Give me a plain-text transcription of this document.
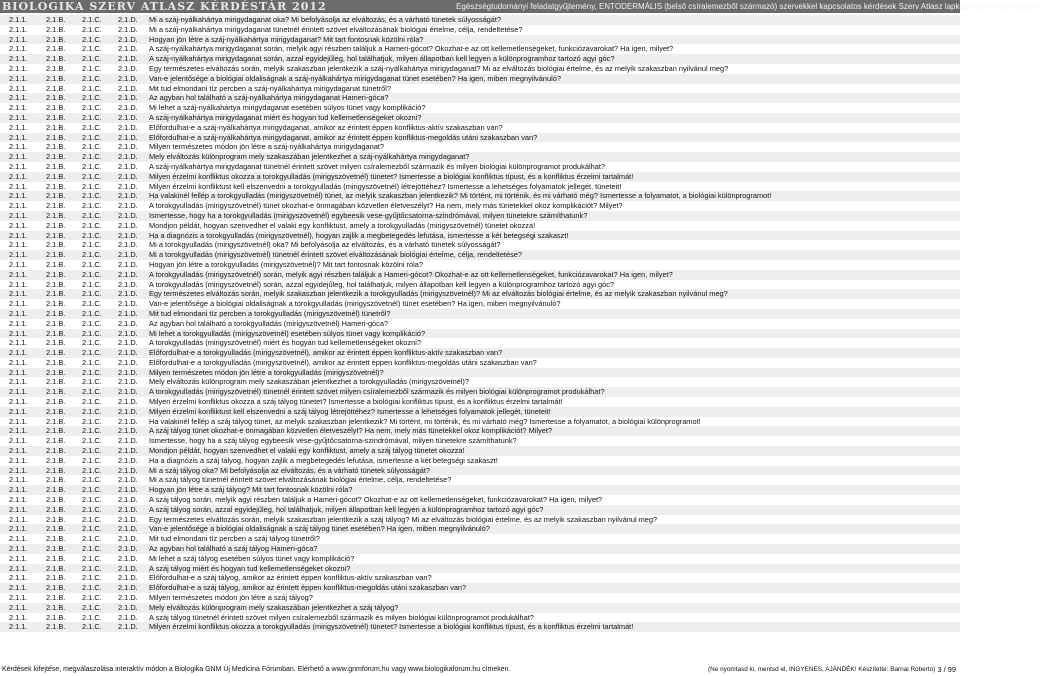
BIOLOGIKA SZERV ATLASZ KÉRDÉSTÁR 2012	Egészségtudományi feladatgyűjtemény, ENTODERMÁLIS (belső csíralemezből származó) szervekkel kapcsolatos kérdések Szerv Atlasz lapkód szerinti sorrendben.
2.1.1.	2.1.B. 2.1.C. 2.1.D. Mi a száj-nyálkahártya mirigydaganat oka? Mi befolyásolja az elváltozás, és a várható tünetek súlyosságát?
2.1.1.	2.1.B. 2.1.C. 2.1.D. Mi a száj-nyálkahártya mirigydaganat tünetnél érintett szövet elváltozásának biológiai értelme, célja, rendeltetése?
2.1.1.	2.1.B. 2.1.C. 2.1.D. Hogyan jön létre a száj-nyálkahártya mirigydaganat? Mit tart fontosnak közölni róla?
2.1.1.	2.1.B. 2.1.C. 2.1.D. A száj-nyálkahártya mirigydaganat során, melyik agyi részben találjuk a Hameri-gócot? Okozhat-e az ott kellemetlenségeket, funkciózavarokat? Ha igen, milyet?
2.1.1.	2.1.B. 2.1.C. 2.1.D. A száj-nyálkahártya mirigydaganat során, azzal egyidejűleg, hol találhatjuk, milyen állapotban kell legyen a különprogramhoz tartozó agyi góc?
2.1.1.	2.1.B. 2.1.C. 2.1.D. Egy természetes elváltozás során, melyik szakaszban jelentkezik a száj-nyálkahártya mirigydaganat? Mi az elváltozás biológiai értelme, és az melyik szakaszban nyilvánul meg?
2.1.1.	2.1.B. 2.1.C. 2.1.D. Van-e jelentősége a biológiai oldaliságnak a száj-nyálkahártya mirigydaganat tünet esetében? Ha igen, miben megnyilvánuló?
2.1.1.	2.1.B. 2.1.C. 2.1.D. Mit tud elmondani tíz percben a száj-nyálkahártya mirigydaganat tünetről?
2.1.1.	2.1.B. 2.1.C. 2.1.D. Az agyban hol található a száj-nyálkahártya mirigydaganat Hameri-góca?
2.1.1.	2.1.B. 2.1.C. 2.1.D. Mi lehet a száj-nyálkahártya mirigydaganat esetében súlyos tünet vagy komplikáció?
2.1.1.	2.1.B. 2.1.C. 2.1.D. A száj-nyálkahártya mirigydaganat miért és hogyan tud kellemetlenségeket okozni?
2.1.1.	2.1.B. 2.1.C. 2.1.D. Előfordulhat-e a száj-nyálkahártya mirigydaganat, amikor az érintett éppen konfliktus-aktív szakaszban van?
2.1.1.	2.1.B. 2.1.C. 2.1.D. Előfordulhat-e a száj-nyálkahártya mirigydaganat, amikor az érintett éppen konfliktus-megoldás utáni szakaszban van?
2.1.1.	2.1.B. 2.1.C. 2.1.D. Milyen természetes módon jön létre a száj-nyálkahártya mirigydaganat?
2.1.1.	2.1.B. 2.1.C. 2.1.D. Mely elváltozás különprogram mely szakaszában jelentkezhet a száj-nyálkahártya mirigydaganat?
2.1.1.	2.1.B. 2.1.C. 2.1.D. A száj-nyálkahártya mirigydaganat tünetnél érintett szövet milyen csíralemezből származik és milyen biológiai különprogramot produkálhat?
2.1.1.	2.1.B. 2.1.C. 2.1.D. Milyen érzelmi konfliktus okozza a torokgyulladás (mirigyszövetnél) tünetet? Ismertesse a biológiai konfliktus típust, és a konfliktus érzelmi tartalmát!
2.1.1.	2.1.B. 2.1.C. 2.1.D. Milyen érzelmi konfliktust kell elszenvedni a torokgyulladás (mirigyszövetnél) létrejöttéhez? Ismertesse a lehetséges folyamatok jellegét, tüneteit!
2.1.1.	2.1.B. 2.1.C. 2.1.D. Ha valakinél fellép a torokgyulladás (mirigyszövetnél) tünet, az melyik szakaszban jelentkezik? Mi történt, mi történik, és mi várható még? Ismertesse a folyamatot, a biológiai különprogramot!
2.1.1.	2.1.B. 2.1.C. 2.1.D. A torokgyulladás (mirigyszövetnél) tünet okozhat-e önmagában közvetlen életveszélyt? Ha nem, mely más tünetekkel okoz komplikációt? Milyet?
2.1.1.	2.1.B. 2.1.C. 2.1.D. Ismertesse, hogy ha a torokgyulladás (mirigyszövetnél) egybeesik vese-gyűjtőcsatorna-szindrómával, milyen tünetekre számíthatunk?
2.1.1.	2.1.B. 2.1.C. 2.1.D. Mondjon példát, hogyan szenvedhet el valaki egy konfliktust, amely a torokgyulladás (mirigyszövetnél) tünetet okozza!
2.1.1.	2.1.B. 2.1.C. 2.1.D. Ha a diagnózis a torokgyulladás (mirigyszövetnél), hogyan zajlik a megbetegedés lefutása, ismertesse a két betegségi szakaszt!
2.1.1.	2.1.B. 2.1.C. 2.1.D. Mi a torokgyulladás (mirigyszövetnél) oka? Mi befolyásolja az elváltozás, és a várható tünetek súlyosságát?
2.1.1.	2.1.B. 2.1.C. 2.1.D. Mi a torokgyulladás (mirigyszövetnél) tünetnél érintett szövet elváltozásának biológiai értelme, célja, rendeltetése?
2.1.1.	2.1.B. 2.1.C. 2.1.D. Hogyan jön létre a torokgyulladás (mirigyszövetnél)? Mit tart fontosnak közölni róla?
2.1.1.	2.1.B. 2.1.C. 2.1.D. A torokgyulladás (mirigyszövetnél) során, melyik agyi részben találjuk a Hameri-gócot? Okozhat-e az ott kellemetlenségeket, funkciózavarokat? Ha igen, milyet?
2.1.1.	2.1.B. 2.1.C. 2.1.D. A torokgyulladás (mirigyszövetnél) során, azzal egyidejűleg, hol találhatjuk, milyen állapotban kell legyen a különprogramhoz tartozó agyi góc?
2.1.1.	2.1.B. 2.1.C. 2.1.D. Egy természetes elváltozás során, melyik szakaszban jelentkezik a torokgyulladás (mirigyszövetnél)? Mi az elváltozás biológiai értelme, és az melyik szakaszban nyilvánul meg?
2.1.1.	2.1.B. 2.1.C. 2.1.D. Van-e jelentősége a biológiai oldaliságnak a torokgyulladás (mirigyszövetnél) tünet esetében? Ha igen, miben megnyilvánuló?
2.1.1.	2.1.B. 2.1.C. 2.1.D. Mit tud elmondani tíz percben a torokgyulladás (mirigyszövetnél) tünetről?
2.1.1.	2.1.B. 2.1.C. 2.1.D. Az agyban hol található a torokgyulladás (mirigyszövetnél) Hameri-góca?
2.1.1.	2.1.B. 2.1.C. 2.1.D. Mi lehet a torokgyulladás (mirigyszövetnél) esetében súlyos tünet vagy komplikáció?
2.1.1.	2.1.B. 2.1.C. 2.1.D. A torokgyulladás (mirigyszövetnél) miért és hogyan tud kellemetlenségeket okozni?
2.1.1.	2.1.B. 2.1.C. 2.1.D. Előfordulhat-e a torokgyulladás (mirigyszövetnél), amikor az érintett éppen konfliktus-aktív szakaszban van?
2.1.1.	2.1.B. 2.1.C. 2.1.D. Előfordulhat-e a torokgyulladás (mirigyszövetnél), amikor az érintett éppen konfliktus-megoldás utáni szakaszban van?
2.1.1.	2.1.B. 2.1.C. 2.1.D. Milyen természetes módon jön létre a torokgyulladás (mirigyszövetnél)?
2.1.1.	2.1.B. 2.1.C. 2.1.D. Mely elváltozás különprogram mely szakaszában jelentkezhet a torokgyulladás (mirigyszövetnél)?
2.1.1.	2.1.B. 2.1.C. 2.1.D. A torokgyulladás (mirigyszövetnél) tünetnél érintett szövet milyen csíralemezből származik és milyen biológiai különprogramot produkálhat?
2.1.1.	2.1.B. 2.1.C. 2.1.D. Milyen érzelmi konfliktus okozza a száj tályog tünetet? Ismertesse a biológiai konfliktus típust, és a konfliktus érzelmi tartalmát!
2.1.1.	2.1.B. 2.1.C. 2.1.D. Milyen érzelmi konfliktust kell elszenvedni a száj tályog létrejöttéhez? Ismertesse a lehetséges folyamatok jellegét, tüneteit!
2.1.1.	2.1.B. 2.1.C. 2.1.D. Ha valakinél fellép a száj tályog tünet, az melyik szakaszban jelentkezik? Mi történt, mi történik, és mi várható még? Ismertesse a folyamatot, a biológiai különprogramot!
2.1.1.	2.1.B. 2.1.C. 2.1.D. A száj tályog tünet okozhat-e önmagában közvetlen életveszélyt? Ha nem, mely más tünetekkel okoz komplikációt? Milyet?
2.1.1.	2.1.B. 2.1.C. 2.1.D. Ismertesse, hogy ha a száj tályog egybeesik vese-gyűjtőcsatorna-szindrómával, milyen tünetekre számíthatunk?
2.1.1.	2.1.B. 2.1.C. 2.1.D. Mondjon példát, hogyan szenvedhet el valaki egy konfliktust, amely a száj tályog tünetet okozza!
2.1.1.	2.1.B. 2.1.C. 2.1.D. Ha a diagnózis a száj tályog, hogyan zajlik a megbetegedés lefutása, ismertesse a két betegségi szakaszt!
2.1.1.	2.1.B. 2.1.C. 2.1.D. Mi a száj tályog oka? Mi befolyásolja az elváltozás, és a várható tünetek súlyosságát?
2.1.1.	2.1.B. 2.1.C. 2.1.D. Mi a száj tályog tünetnél érintett szövet elváltozásának biológiai értelme, célja, rendeltetése?
2.1.1.	2.1.B. 2.1.C. 2.1.D. Hogyan jön létre a száj tályog? Mit tart fontosnak közölni róla?
2.1.1.	2.1.B. 2.1.C. 2.1.D. A száj tályog során, melyik agyi részben találjuk a Hameri-gócot? Okozhat-e az ott kellemetlenségeket, funkciózavarokat? Ha igen, milyet?
2.1.1.	2.1.B. 2.1.C. 2.1.D. A száj tályog során, azzal egyidejűleg, hol találhatjuk, milyen állapotban kell legyen a különprogramhoz tartozó agyi góc?
2.1.1.	2.1.B. 2.1.C. 2.1.D. Egy természetes elváltozás során, melyik szakaszban jelentkezik a száj tályog? Mi az elváltozás biológiai értelme, és az melyik szakaszban nyilvánul meg?
2.1.1.	2.1.B. 2.1.C. 2.1.D. Van-e jelentősége a biológiai oldaliságnak a száj tályog tünet esetében? Ha igen, miben megnyilvánuló?
2.1.1.	2.1.B. 2.1.C. 2.1.D. Mit tud elmondani tíz percben a száj tályog tünetről?
2.1.1.	2.1.B. 2.1.C. 2.1.D. Az agyban hol található a száj tályog Hameri-góca?
2.1.1.	2.1.B. 2.1.C. 2.1.D. Mi lehet a száj tályog esetében súlyos tünet vagy komplikáció?
2.1.1.	2.1.B. 2.1.C. 2.1.D. A száj tályog miért és hogyan tud kellemetlenségeket okozni?
2.1.1.	2.1.B. 2.1.C. 2.1.D. Előfordulhat-e a száj tályog, amikor az érintett éppen konfliktus-aktív szakaszban van?
2.1.1.	2.1.B. 2.1.C. 2.1.D. Előfordulhat-e a száj tályog, amikor az érintett éppen konfliktus-megoldás utáni szakaszban van?
2.1.1.	2.1.B. 2.1.C. 2.1.D. Milyen természetes módon jön létre a száj tályog?
2.1.1.	2.1.B. 2.1.C. 2.1.D. Mely elváltozás különprogram mely szakaszában jelentkezhet a száj tályog?
2.1.1.	2.1.B. 2.1.C. 2.1.D. A száj tályog tünetnél érintett szövet milyen csíralemezből származik és milyen biológiai különprogramot produkálhat?
2.1.1.	2.1.B. 2.1.C. 2.1.D. Milyen érzelmi konfliktus okozza a torokgyulladás (mirigyszövetnél) tünetet? Ismertesse a biológiai konfliktus típust, és a konfliktus érzelmi tartalmát!
Kérdések kifejtése, megválaszolása interaktív módon a Biologika GNM Új Medicina Fórumban. Elérhető a www.gnmforum.hu vagy www.biologikaforum.hu címeken.	(Ne nyomtasd ki, mentsd el, INGYENES, AJÁNDÉK! Készítette: Barnai Roberto) 3 / 99
